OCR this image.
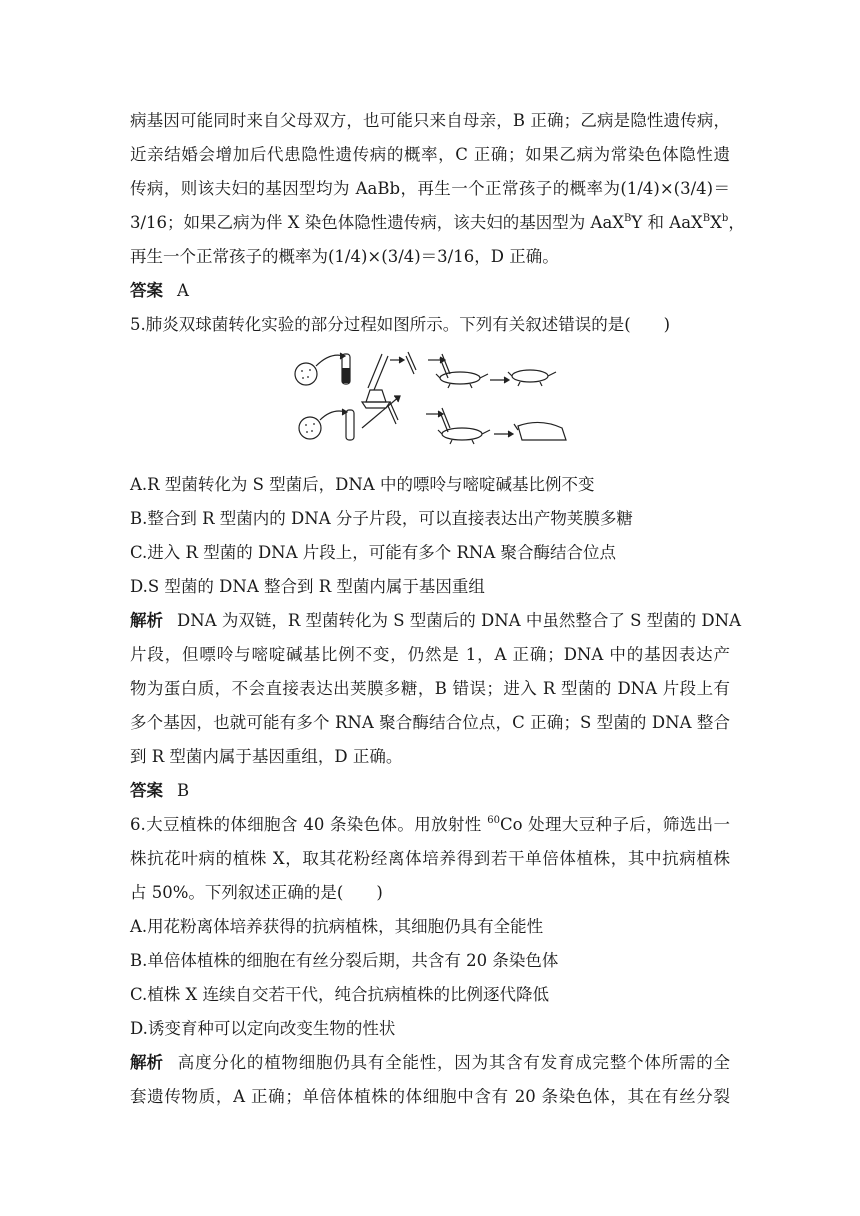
病基因可能同时来自父母双方，也可能只来自母亲，B 正确；乙病是隐性遗传病，
近亲结婚会增加后代患隐性遗传病的概率，C 正确；如果乙病为常染色体隐性遗
传病，则该夫妇的基因型均为 AaBb，再生一个正常孩子的概率为(1/4)×(3/4)＝
3/16；如果乙病为伴 X 染色体隐性遗传病，该夫妇的基因型为 AaX$^B$Y 和 $AaX^BX^b$，
再生一个正常孩子的概率为(1/4)×(3/4)＝3/16，D 正确。
答案 A
5.肺炎双球菌转化实验的部分过程如图所示。下列有关叙述错误的是(　　)
A.R 型菌转化为 S 型菌后，DNA 中的嘌呤与嘧啶碱基比例不变
B.整合到 R 型菌内的 DNA 分子片段，可以直接表达出产物荚膜多糖
C.进入 R 型菌的 DNA 片段上，可能有多个 RNA 聚合酶结合位点
D.S 型菌的 DNA 整合到 R 型菌内属于基因重组
解析 DNA 为双链，R 型菌转化为 S 型菌后的 DNA 中虽然整合了 S 型菌的 DNA
片段，但嘌呤与嘧啶碱基比例不变，仍然是 1，A 正确；DNA 中的基因表达产
物为蛋白质，不会直接表达出荚膜多糖，B 错误；进入 R 型菌的 DNA 片段上有
多个基因，也就可能有多个 RNA 聚合酶结合位点，C 正确；S 型菌的 DNA 整合
到 R 型菌内属于基因重组，D 正确。
答案 B
6.大豆植株的体细胞含 40 条染色体。用放射性 $^{60}$Co 处理大豆种子后，筛选出一
株抗花叶病的植株 X，取其花粉经离体培养得到若干单倍体植株，其中抗病植株
占 50%。下列叙述正确的是(　　)
A.用花粉离体培养获得的抗病植株，其细胞仍具有全能性
B.单倍体植株的细胞在有丝分裂后期，共含有 20 条染色体
C.植株 X 连续自交若干代，纯合抗病植株的比例逐代降低
D.诱变育种可以定向改变生物的性状
解析 高度分化的植物细胞仍具有全能性，因为其含有发育成完整个体所需的全
套遗传物质，A 正确；单倍体植株的体细胞中含有 20 条染色体，其在有丝分裂
